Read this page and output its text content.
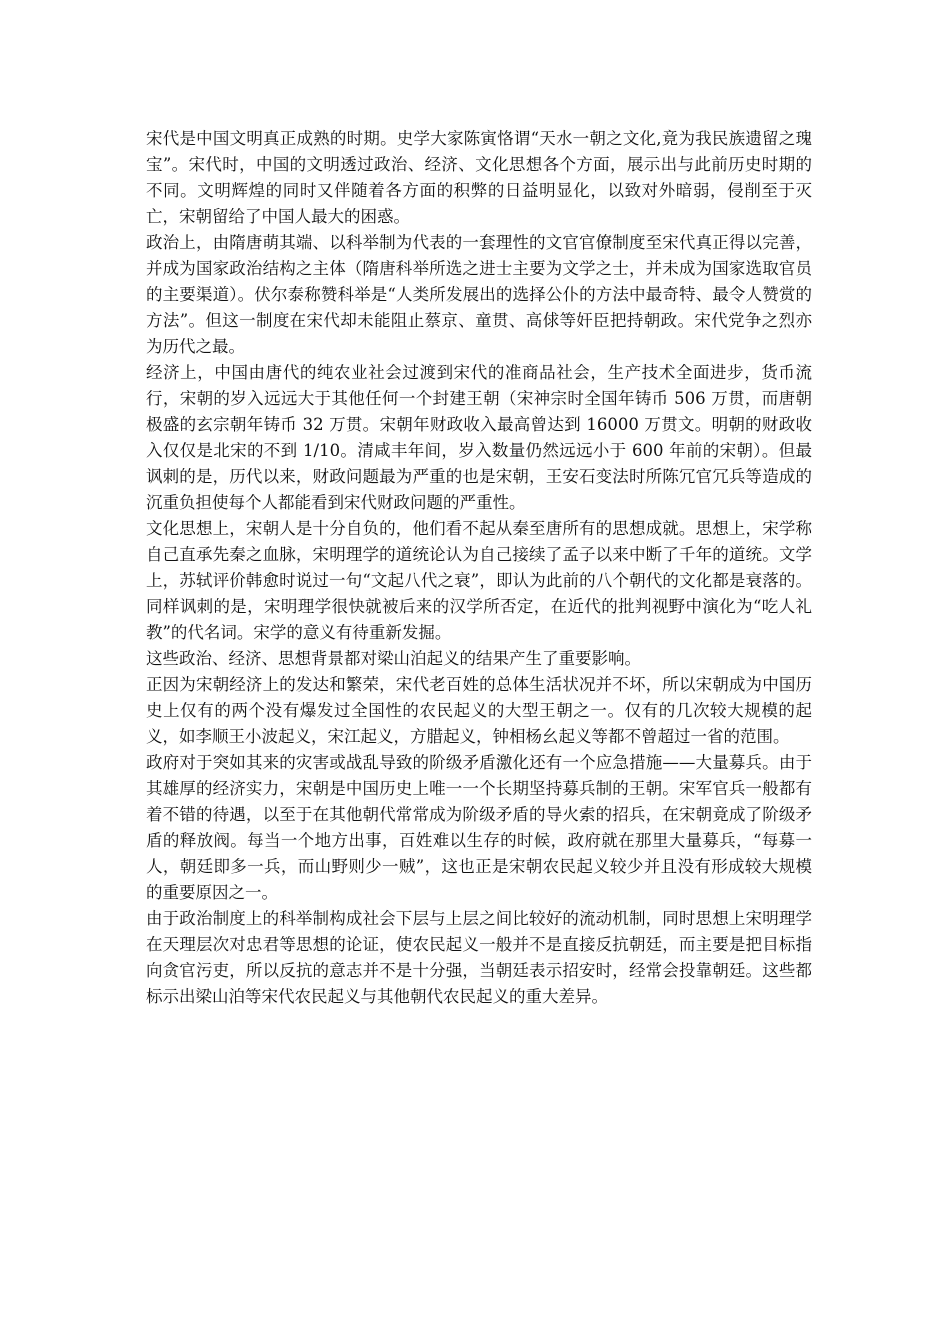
宋代是中国文明真正成熟的时期。史学大家陈寅恪谓“天水一朝之文化,竟为我民族遗留之瑰宝”。宋代时，中国的文明透过政治、经济、文化思想各个方面，展示出与此前历史时期的不同。文明辉煌的同时又伴随着各方面的积弊的日益明显化，以致对外暗弱，侵削至于灭亡，宋朝留给了中国人最大的困惑。

政治上，由隋唐萌其端、以科举制为代表的一套理性的文官官僚制度至宋代真正得以完善，并成为国家政治结构之主体（隋唐科举所选之进士主要为文学之士，并未成为国家选取官员的主要渠道）。伏尔泰称赞科举是“人类所发展出的选择公仆的方法中最奇特、最令人赞赏的方法”。但这一制度在宋代却未能阻止蔡京、童贯、高俅等奸臣把持朝政。宋代党争之烈亦为历代之最。

经济上，中国由唐代的纯农业社会过渡到宋代的准商品社会，生产技术全面进步，货币流行，宋朝的岁入远远大于其他任何一个封建王朝（宋神宗时全国年铸币 506 万贯，而唐朝极盛的玄宗朝年铸币 32 万贯。宋朝年财政收入最高曾达到 16000 万贯文。明朝的财政收入仅仅是北宋的不到 1/10。清咸丰年间，岁入数量仍然远远小于 600 年前的宋朝）。但最讽刺的是，历代以来，财政问题最为严重的也是宋朝，王安石变法时所陈冗官冗兵等造成的沉重负担使每个人都能看到宋代财政问题的严重性。

文化思想上，宋朝人是十分自负的，他们看不起从秦至唐所有的思想成就。思想上，宋学称自己直承先秦之血脉，宋明理学的道统论认为自己接续了孟子以来中断了千年的道统。文学上，苏轼评价韩愈时说过一句“文起八代之衰”，即认为此前的八个朝代的文化都是衰落的。同样讽刺的是，宋明理学很快就被后来的汉学所否定，在近代的批判视野中演化为“吃人礼教”的代名词。宋学的意义有待重新发掘。

这些政治、经济、思想背景都对梁山泊起义的结果产生了重要影响。

正因为宋朝经济上的发达和繁荣，宋代老百姓的总体生活状况并不坏，所以宋朝成为中国历史上仅有的两个没有爆发过全国性的农民起义的大型王朝之一。仅有的几次较大规模的起义，如李顺王小波起义，宋江起义，方腊起义，钟相杨幺起义等都不曾超过一省的范围。

政府对于突如其来的灾害或战乱导致的阶级矛盾激化还有一个应急措施——大量募兵。由于其雄厚的经济实力，宋朝是中国历史上唯一一个长期坚持募兵制的王朝。宋军官兵一般都有着不错的待遇，以至于在其他朝代常常成为阶级矛盾的导火索的招兵，在宋朝竟成了阶级矛盾的释放阀。每当一个地方出事，百姓难以生存的时候，政府就在那里大量募兵，“每募一人，朝廷即多一兵，而山野则少一贼”，这也正是宋朝农民起义较少并且没有形成较大规模的重要原因之一。

由于政治制度上的科举制构成社会下层与上层之间比较好的流动机制，同时思想上宋明理学在天理层次对忠君等思想的论证，使农民起义一般并不是直接反抗朝廷，而主要是把目标指向贪官污吏，所以反抗的意志并不是十分强，当朝廷表示招安时，经常会投靠朝廷。这些都标示出梁山泊等宋代农民起义与其他朝代农民起义的重大差异。
